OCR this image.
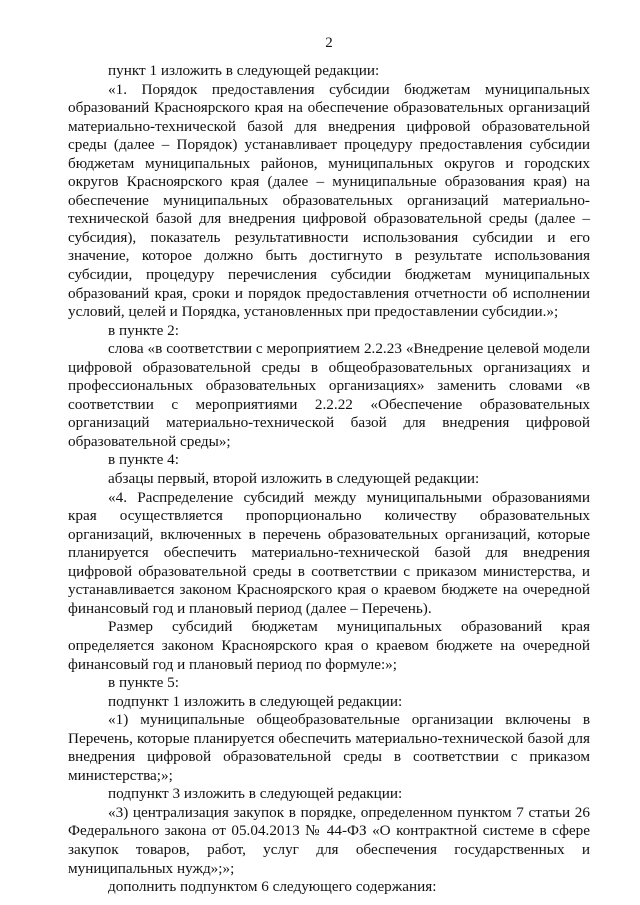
2

пункт 1 изложить в следующей редакции:

«1. Порядок предоставления субсидии бюджетам муниципальных образований Красноярского края на обеспечение образовательных организаций материально-технической базой для внедрения цифровой образовательной среды (далее – Порядок) устанавливает процедуру предоставления субсидии бюджетам муниципальных районов, муниципальных округов и городских округов Красноярского края (далее – муниципальные образования края) на обеспечение муниципальных образовательных организаций материально-технической базой для внедрения цифровой образовательной среды (далее – субсидия), показатель результативности использования субсидии и его значение, которое должно быть достигнуто в результате использования субсидии, процедуру перечисления субсидии бюджетам муниципальных образований края, сроки и порядок предоставления отчетности об исполнении условий, целей и Порядка, установленных при предоставлении субсидии.»;

в пункте 2:

слова «в соответствии с мероприятием 2.2.23 «Внедрение целевой модели цифровой образовательной среды в общеобразовательных организациях и профессиональных образовательных организациях» заменить словами «в соответствии с мероприятиями 2.2.22 «Обеспечение образовательных организаций материально-технической базой для внедрения цифровой образовательной среды»;

в пункте 4:

абзацы первый, второй изложить в следующей редакции:

«4. Распределение субсидий между муниципальными образованиями края осуществляется пропорционально количеству образовательных организаций, включенных в перечень образовательных организаций, которые планируется обеспечить материально-технической базой для внедрения цифровой образовательной среды в соответствии с приказом министерства, и устанавливается законом Красноярского края о краевом бюджете на очередной финансовый год и плановый период (далее – Перечень).

Размер субсидий бюджетам муниципальных образований края определяется законом Красноярского края о краевом бюджете на очередной финансовый год и плановый период по формуле:»;

в пункте 5:

подпункт 1 изложить в следующей редакции:

«1) муниципальные общеобразовательные организации включены в Перечень, которые планируется обеспечить материально-технической базой для внедрения цифровой образовательной среды в соответствии с приказом министерства;»;

подпункт 3 изложить в следующей редакции:

«3) централизация закупок в порядке, определенном пунктом 7 статьи 26 Федерального закона от 05.04.2013 № 44-ФЗ «О контрактной системе в сфере закупок товаров, работ, услуг для обеспечения государственных и муниципальных нужд»;»;

дополнить подпунктом 6 следующего содержания:
